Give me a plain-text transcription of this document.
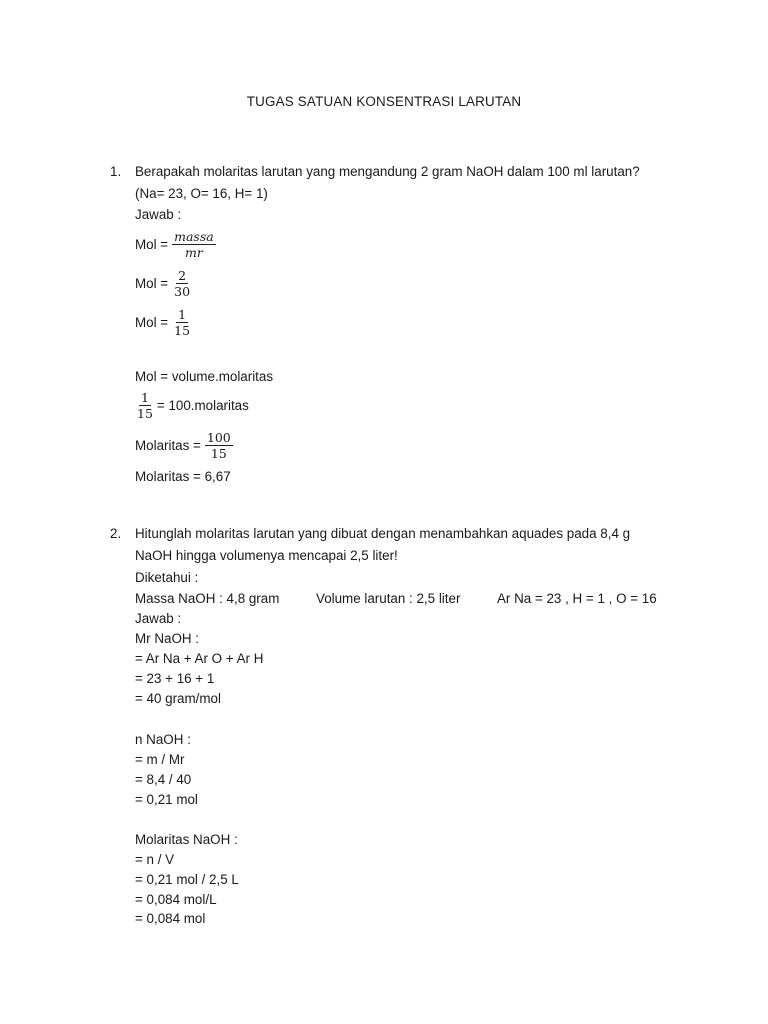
TUGAS SATUAN KONSENTRASI LARUTAN
1. Berapakah molaritas larutan yang mengandung 2 gram NaOH dalam 100 ml larutan?
(Na= 23, O= 16, H= 1)
Jawab :
Mol = $\frac{\text{massa}}{mr}$
Mol = $\frac{2}{30}$
Mol = $\frac{1}{15}$
Mol = volume.molaritas
$\frac{1}{15}$ = 100.molaritas
Molaritas = $\frac{100}{15}$
Molaritas = 6,67
2. Hitunglah molaritas larutan yang dibuat dengan menambahkan aquades pada 8,4 g
NaOH hingga volumenya mencapai 2,5 liter!
Diketahui :
Massa NaOH : 4,8 gram	Volume larutan : 2,5 liter	Ar Na = 23 , H = 1 , O = 16
Jawab :
Mr NaOH :
= Ar Na + Ar O + Ar H
= 23 + 16 + 1
= 40 gram/mol
n NaOH :
= m / Mr
= 8,4 / 40
= 0,21 mol
Molaritas NaOH :
= n / V
= 0,21 mol / 2,5 L
= 0,084 mol/L
= 0,084 mol
